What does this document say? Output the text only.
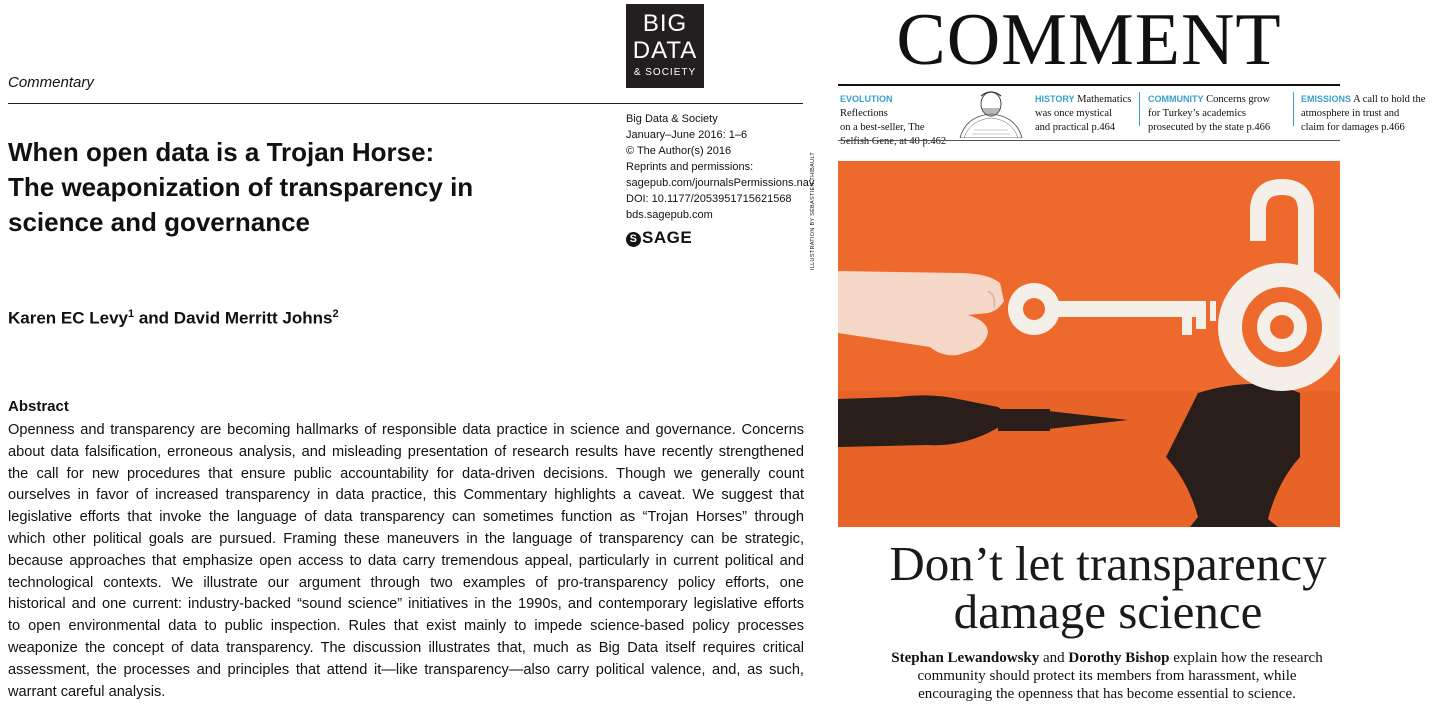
Commentary
BIG
DATA
& SOCIETY
Big Data & Society
January–June 2016: 1–6
© The Author(s) 2016
Reprints and permissions:
sagepub.com/journalsPermissions.nav
DOI: 10.1177/2053951715621568
bds.sagepub.com
S SAGE
When open data is a Trojan Horse:
The weaponization of transparency in
science and governance
Karen EC Levy$^1$ and David Merritt Johns$^2$
Abstract
Openness and transparency are becoming hallmarks of responsible data practice in science and governance. Concerns
about data falsification, erroneous analysis, and misleading presentation of research results have recently strengthened
the call for new procedures that ensure public accountability for data-driven decisions. Though we generally count
ourselves in favor of increased transparency in data practice, this Commentary highlights a caveat. We suggest that
legislative efforts that invoke the language of data transparency can sometimes function as “Trojan Horses” through
which other political goals are pursued. Framing these maneuvers in the language of transparency can be strategic,
because approaches that emphasize open access to data carry tremendous appeal, particularly in current political and
technological contexts. We illustrate our argument through two examples of pro-transparency policy efforts, one
historical and one current: industry-backed “sound science” initiatives in the 1990s, and contemporary legislative efforts
to open environmental data to public inspection. Rules that exist mainly to impede science-based policy processes
weaponize the concept of data transparency. The discussion illustrates that, much as Big Data itself requires critical
assessment, the processes and principles that attend it—like transparency—also carry political valence, and, as such,
warrant careful analysis.
COMMENT
EVOLUTION Reflections
on a best-seller, The
Selfish Gene, at 40 p.462
HISTORY Mathematics
was once mystical
and practical p.464
COMMUNITY Concerns grow
for Turkey’s academics
prosecuted by the state p.466
EMISSIONS A call to hold the
atmosphere in trust and
claim for damages p.466
ILLUSTRATION BY SÉBASTIEN THIBAULT
Don’t let transparency
damage science
Stephan Lewandowsky and Dorothy Bishop explain how the research
community should protect its members from harassment, while
encouraging the openness that has become essential to science.
